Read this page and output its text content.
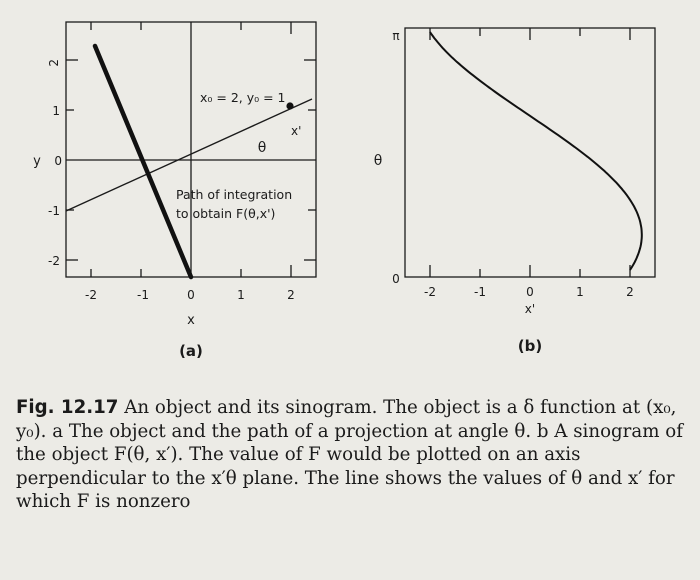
-2	-1	0	1	2
2
1
0
-1
-2
x
y
x₀ = 2, y₀ = 1
x'
θ
Path of integration
to obtain F(θ,x')
(a)
-2	-1	0	1	2
x'
π
0
θ
(b)
Fig. 12.17 An object and its sinogram. The object is a δ function at (x₀, y₀). a The object and the path of a projection at angle θ. b A sinogram of the object F(θ, x′). The value of F would be plotted on an axis perpendicular to the x′θ plane. The line shows the values of θ and x′ for which F is nonzero
